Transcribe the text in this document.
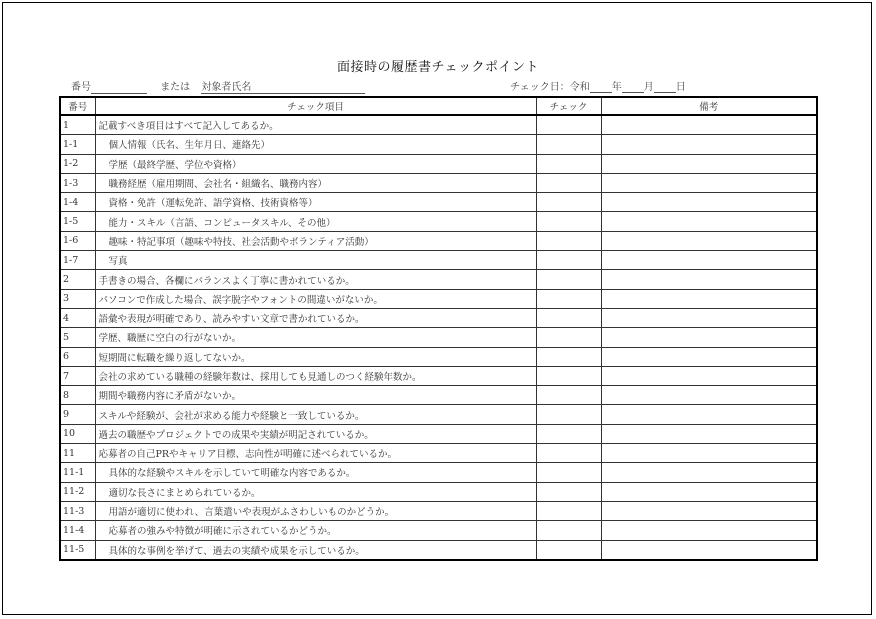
面接時の履歴書チェックポイント
番号	または 対象者氏名	チェック日：令和 年 月 日
番号	チェック項目	チェック	備考
1	記載すべき項目はすべて記入してあるか。		
1-1	個人情報（氏名、生年月日、連絡先）		
1-2	学歴（最終学歴、学位や資格）		
1-3	職務経歴（雇用期間、会社名・組織名、職務内容）		
1-4	資格・免許（運転免許、語学資格、技術資格等）		
1-5	能力・スキル（言語、コンピュータスキル、その他）		
1-6	趣味・特記事項（趣味や特技、社会活動やボランティア活動）		
1-7	写真		
2	手書きの場合、各欄にバランスよく丁寧に書かれているか。		
3	パソコンで作成した場合、誤字脱字やフォントの間違いがないか。		
4	語彙や表現が明確であり、読みやすい文章で書かれているか。		
5	学歴、職歴に空白の行がないか。		
6	短期間に転職を繰り返してないか。		
7	会社の求めている職種の経験年数は、採用しても見通しのつく経験年数か。		
8	期間や職務内容に矛盾がないか。		
9	スキルや経験が、会社が求める能力や経験と一致しているか。		
10	過去の職歴やプロジェクトでの成果や実績が明記されているか。		
11	応募者の自己PRやキャリア目標、志向性が明確に述べられているか。		
11-1	具体的な経験やスキルを示していて明確な内容であるか。		
11-2	適切な長さにまとめられているか。		
11-3	用語が適切に使われ、言葉遣いや表現がふさわしいものかどうか。		
11-4	応募者の強みや特徴が明確に示されているかどうか。		
11-5	具体的な事例を挙げて、過去の実績や成果を示しているか。		
